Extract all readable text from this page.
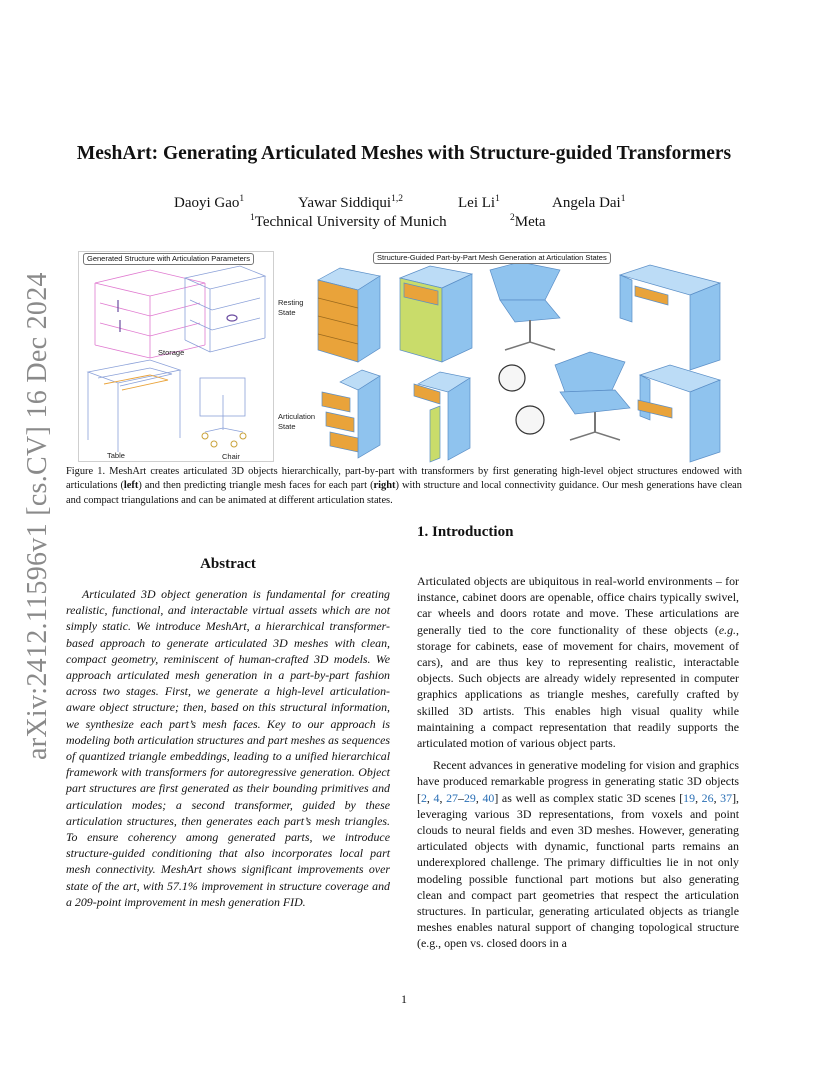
arXiv:2412.11596v1 [cs.CV] 16 Dec 2024
MeshArt: Generating Articulated Meshes with Structure-guided Transformers
Daoyi Gao$^1$	Yawar Siddiqui$^{1,2}$	Lei Li$^1$	Angela Dai$^1$
$^1$Technical University of Munich	$^2$Meta
Generated Structure with Articulation Parameters	Structure-Guided Part-by-Part Mesh Generation at Articulation States
Storage
Table	Chair
Resting
State
Articulation
State
Figure 1. MeshArt creates articulated 3D objects hierarchically, part-by-part with transformers by first generating high-level object structures endowed with articulations (left) and then predicting triangle mesh faces for each part (right) with structure and local connectivity guidance. Our mesh generations have clean and compact triangulations and can be animated at different articulation states.
Abstract
Articulated 3D object generation is fundamental for creating realistic, functional, and interactable virtual assets which are not simply static. We introduce MeshArt, a hierarchical transformer-based approach to generate articulated 3D meshes with clean, compact geometry, reminiscent of human-crafted 3D models. We approach articulated mesh generation in a part-by-part fashion across two stages. First, we generate a high-level articulation-aware object structure; then, based on this structural information, we synthesize each part’s mesh faces. Key to our approach is modeling both articulation structures and part meshes as sequences of quantized triangle embeddings, leading to a unified hierarchical framework with transformers for autoregressive generation. Object part structures are first generated as their bounding primitives and articulation modes; a second transformer, guided by these articulation structures, then generates each part’s mesh triangles. To ensure coherency among generated parts, we introduce structure-guided conditioning that also incorporates local part mesh connectivity. MeshArt shows significant improvements over state of the art, with 57.1% improvement in structure coverage and a 209-point improvement in mesh generation FID.
1. Introduction

Articulated objects are ubiquitous in real-world environments – for instance, cabinet doors are openable, office chairs typically swivel, car wheels and doors rotate and move. These articulations are generally tied to the core functionality of these objects (e.g., storage for cabinets, ease of movement for chairs, movement of cars), and are thus key to representing realistic, interactable objects. Such objects are already widely represented in computer graphics applications as triangle meshes, carefully crafted by skilled 3D artists. This enables high visual quality while maintaining a compact representation that readily supports the articulated motion of various object parts.

Recent advances in generative modeling for vision and graphics have produced remarkable progress in generating static 3D objects [2, 4, 27–29, 40] as well as complex static 3D scenes [19, 26, 37], leveraging various 3D representations, from voxels and point clouds to neural fields and even 3D meshes. However, generating articulated objects with dynamic, functional parts remains an underexplored challenge. The primary difficulties lie in not only modeling possible functional part motions but also generating clean and compact part geometries that respect the articulation structures. In particular, generating articulated objects as triangle meshes enables natural support of changing topological structure (e.g., open vs. closed doors in a

1
